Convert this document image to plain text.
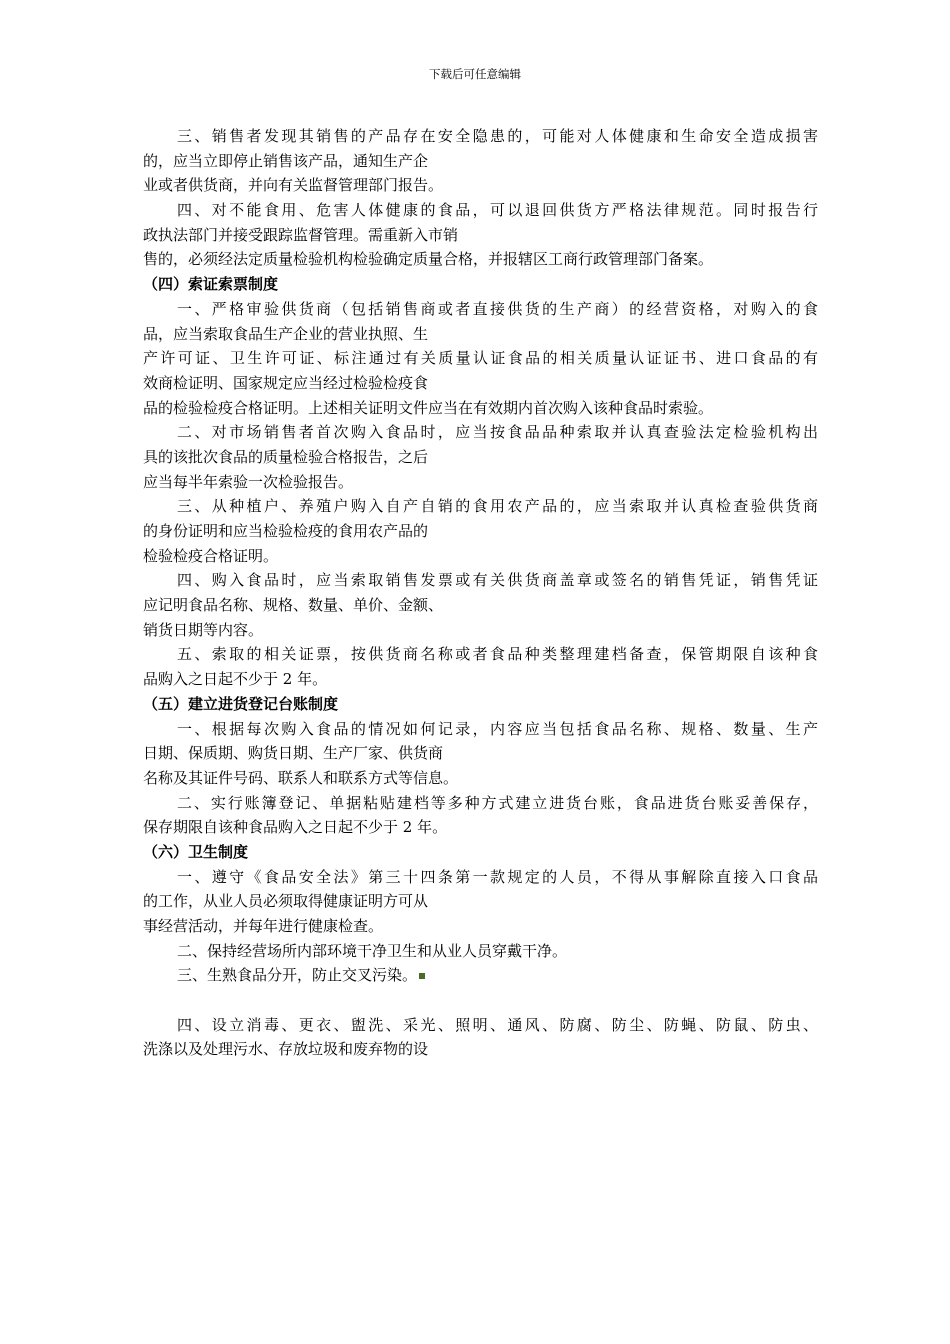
下载后可任意编辑
三、销售者发现其销售的产品存在安全隐患的，可能对人体健康和生命安全造成损害
的，应当立即停止销售该产品，通知生产企
业或者供货商，并向有关监督管理部门报告。
四、对不能食用、危害人体健康的食品，可以退回供货方严格法律规范。同时报告行
政执法部门并接受跟踪监督管理。需重新入市销
售的，必须经法定质量检验机构检验确定质量合格，并报辖区工商行政管理部门备案。
（四）索证索票制度
一、严格审验供货商（包括销售商或者直接供货的生产商）的经营资格，对购入的食
品，应当索取食品生产企业的营业执照、生
产许可证、卫生许可证、标注通过有关质量认证食品的相关质量认证证书、进口食品的有
效商检证明、国家规定应当经过检验检疫食
品的检验检疫合格证明。上述相关证明文件应当在有效期内首次购入该种食品时索验。
二、对市场销售者首次购入食品时，应当按食品品种索取并认真查验法定检验机构出
具的该批次食品的质量检验合格报告，之后
应当每半年索验一次检验报告。
三、从种植户、养殖户购入自产自销的食用农产品的，应当索取并认真检查验供货商
的身份证明和应当检验检疫的食用农产品的
检验检疫合格证明。
四、购入食品时，应当索取销售发票或有关供货商盖章或签名的销售凭证，销售凭证
应记明食品名称、规格、数量、单价、金额、
销货日期等内容。
五、索取的相关证票，按供货商名称或者食品种类整理建档备查，保管期限自该种食
品购入之日起不少于 2 年。
（五）建立进货登记台账制度
一、根据每次购入食品的情况如何记录，内容应当包括食品名称、规格、数量、生产
日期、保质期、购货日期、生产厂家、供货商
名称及其证件号码、联系人和联系方式等信息。
二、实行账簿登记、单据粘贴建档等多种方式建立进货台账，食品进货台账妥善保存，
保存期限自该种食品购入之日起不少于 2 年。
（六）卫生制度
一、遵守《食品安全法》第三十四条第一款规定的人员，不得从事解除直接入口食品
的工作，从业人员必须取得健康证明方可从
事经营活动，并每年进行健康检查。
二、保持经营场所内部环境干净卫生和从业人员穿戴干净。
三、生熟食品分开，防止交叉污染。
四、设立消毒、更衣、盥洗、采光、照明、通风、防腐、防尘、防蝇、防鼠、防虫、
洗涤以及处理污水、存放垃圾和废弃物的设
